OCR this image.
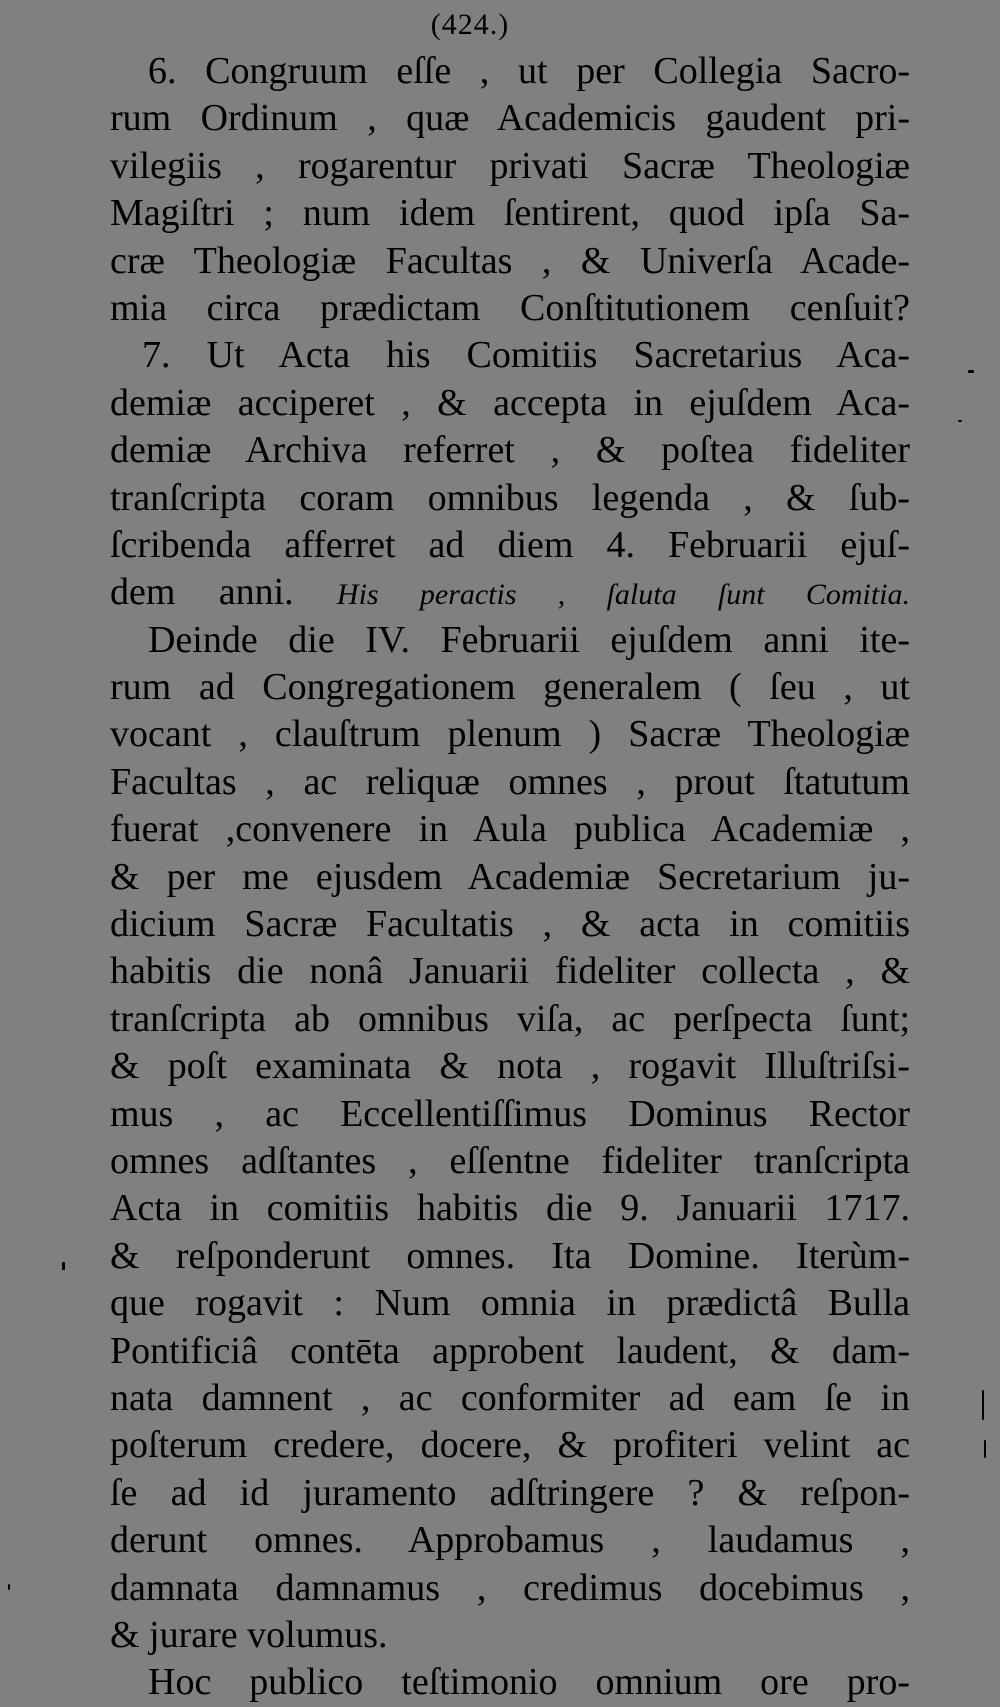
(424.)
6. Congruum eſſe , ut per Collegia Sacro-
rum Ordinum , quæ Academicis gaudent pri-
vilegiis , rogarentur privati Sacræ Theologiæ
Magiſtri ; num idem ſentirent, quod ipſa Sa-
cræ Theologiæ Facultas , & Univerſa Acade-
mia circa prædictam Conſtitutionem cenſuit?
7. Ut Acta his Comitiis Sacretarius Aca-
demiæ acciperet , & accepta in ejuſdem Aca-
demiæ Archiva referret , & poſtea fideliter
tranſcripta coram omnibus legenda , & ſub-
ſcribenda afferret ad diem 4. Februarii ejuſ-
dem anni. His peractis , ſaluta ſunt Comitia.
Deinde die IV. Februarii ejuſdem anni ite-
rum ad Congregationem generalem ( ſeu , ut
vocant , clauſtrum plenum ) Sacræ Theologiæ
Facultas , ac reliquæ omnes , prout ſtatutum
fuerat ,convenere in Aula publica Academiæ ,
& per me ejusdem Academiæ Secretarium ju-
dicium Sacræ Facultatis , & acta in comitiis
habitis die nonâ Januarii fideliter collecta , &
tranſcripta ab omnibus viſa, ac perſpecta ſunt;
& poſt examinata & nota , rogavit Illuſtriſsi-
mus , ac Eccellentiſſimus Dominus Rector
omnes adſtantes , eſſentne fideliter tranſcripta
Acta in comitiis habitis die 9. Januarii 1717.
& reſponderunt omnes. Ita Domine. Iterùm-
que rogavit : Num omnia in prædictâ Bulla
Pontificiâ contēta approbent laudent, & dam-
nata damnent , ac conformiter ad eam ſe in
poſterum credere, docere, & profiteri velint ac
ſe ad id juramento adſtringere ? & reſpon-
derunt omnes. Approbamus , laudamus ,
damnata damnamus , credimus docebimus ,
& jurare volumus.
Hoc publico teſtimonio omnium ore pro-
